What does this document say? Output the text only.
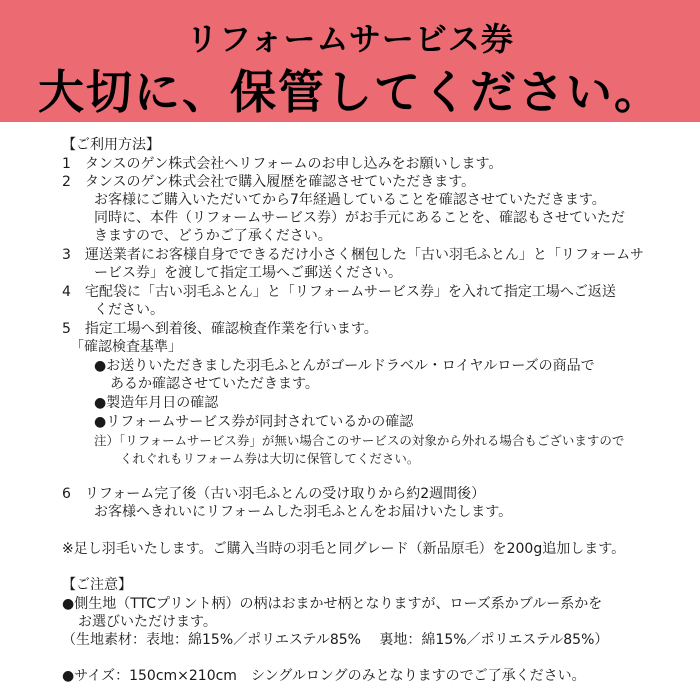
リフォームサービス券
大切に、保管してください。
【ご利用方法】
1　タンスのゲン株式会社へリフォームのお申し込みをお願いします。
2　タンスのゲン株式会社で購入履歴を確認させていただきます。
お客様にご購入いただいてから7年経過していることを確認させていただきます。
同時に、本件（リフォームサービス券）がお手元にあることを、確認もさせていただ
きますので、どうかご了承ください。
3　運送業者にお客様自身でできるだけ小さく梱包した「古い羽毛ふとん」と「リフォームサ
ービス券」を渡して指定工場へご郵送ください。
4　宅配袋に「古い羽毛ふとん」と「リフォームサービス券」を入れて指定工場へご返送
ください。
5　指定工場へ到着後、確認検査作業を行います。
「確認検査基準」
●お送りいただきました羽毛ふとんがゴールドラベル・ロイヤルローズの商品で
あるか確認させていただきます。
●製造年月日の確認
●リフォームサービス券が同封されているかの確認
注）「リフォームサービス券」が無い場合このサービスの対象から外れる場合もございますので
くれぐれもリフォーム券は大切に保管してください。
6　リフォーム完了後（古い羽毛ふとんの受け取りから約2週間後）
お客様へきれいにリフォームした羽毛ふとんをお届けいたします。
※足し羽毛いたします。ご購入当時の羽毛と同グレード（新品原毛）を200g追加します。
【ご注意】
●側生地（TTCプリント柄）の柄はおまかせ柄となりますが、ローズ系かブルー系かを
お選びいただけます。
（生地素材：表地：綿15%／ポリエステル85%　 裏地：綿15%／ポリエステル85%）
●サイズ：150cm×210cm　シングルロングのみとなりますのでご了承ください。
